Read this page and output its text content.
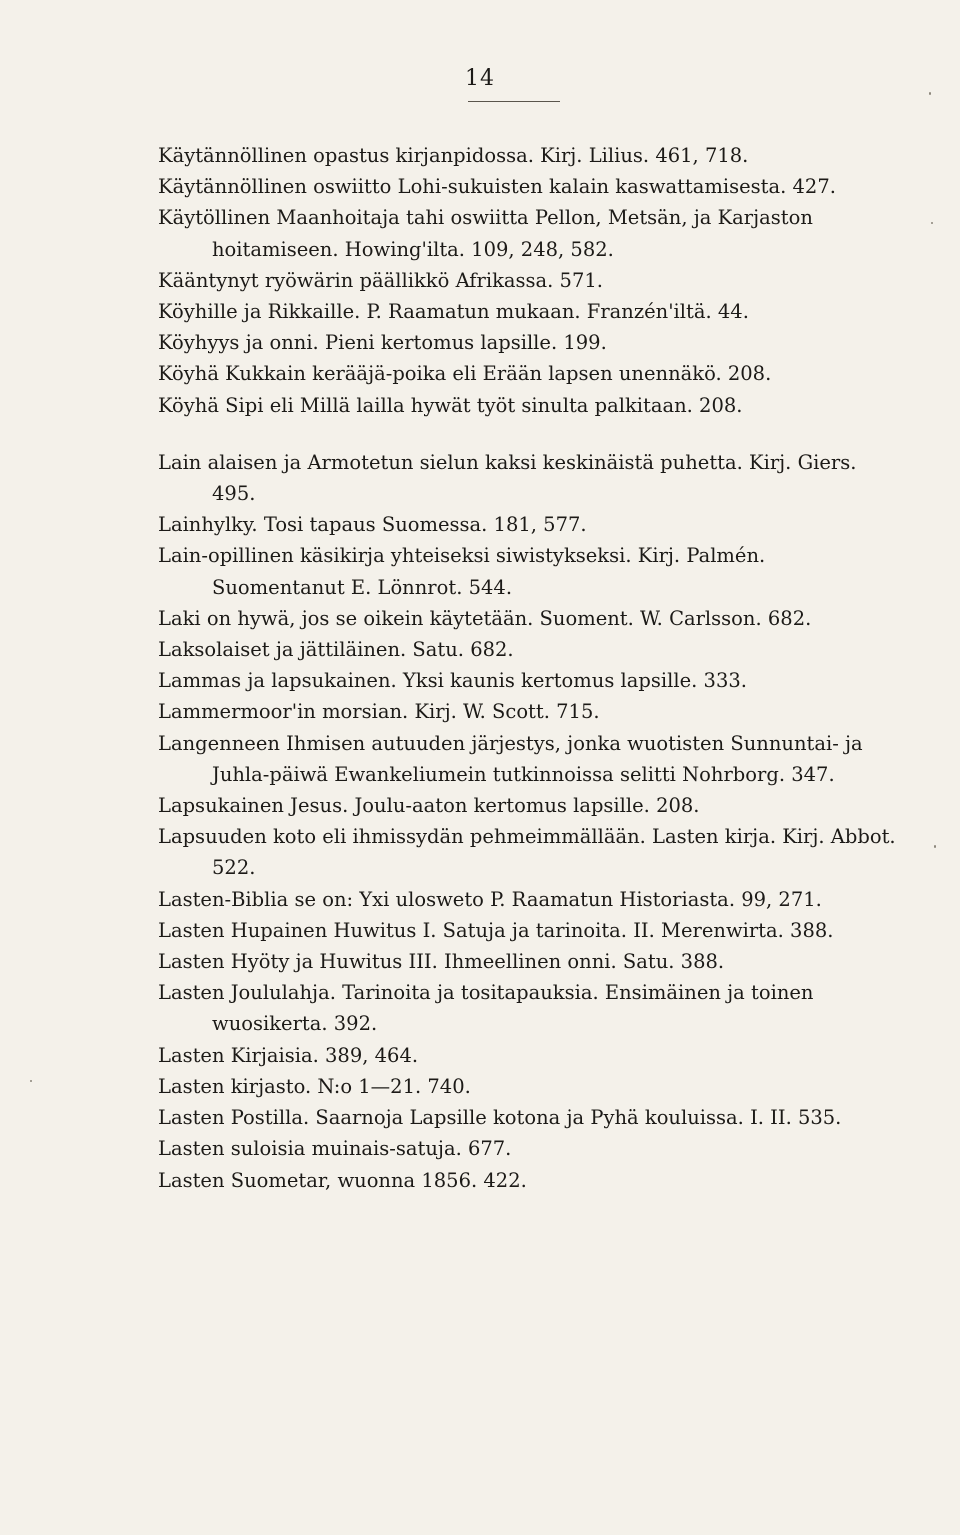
14
Käytännöllinen opastus kirjanpidossa. Kirj. Lilius. 461, 718.
Käytännöllinen oswiitto Lohi-sukuisten kalain kaswattamisesta. 427.
Käytöllinen Maanhoitaja tahi oswiitta Pellon, Metsän, ja Karjaston hoitamiseen. Howing'ilta. 109, 248, 582.
Kääntynyt ryöwärin päällikkö Afrikassa. 571.
Köyhille ja Rikkaille. P. Raamatun mukaan. Franzén'iltä. 44.
Köyhyys ja onni. Pieni kertomus lapsille. 199.
Köyhä Kukkain kerääjä-poika eli Erään lapsen unennäkö. 208.
Köyhä Sipi eli Millä lailla hywät työt sinulta palkitaan. 208.
Lain alaisen ja Armotetun sielun kaksi keskinäistä puhetta. Kirj. Giers. 495.
Lainhylky. Tosi tapaus Suomessa. 181, 577.
Lain-opillinen käsikirja yhteiseksi siwistykseksi. Kirj. Palmén. Suomentanut E. Lönnrot. 544.
Laki on hywä, jos se oikein käytetään. Suoment. W. Carlsson. 682.
Laksolaiset ja jättiläinen. Satu. 682.
Lammas ja lapsukainen. Yksi kaunis kertomus lapsille. 333.
Lammermoor'in morsian. Kirj. W. Scott. 715.
Langenneen Ihmisen autuuden järjestys, jonka wuotisten Sunnuntai- ja Juhla-päiwä Ewankeliumein tutkinnoissa selitti Nohrborg. 347.
Lapsukainen Jesus. Joulu-aaton kertomus lapsille. 208.
Lapsuuden koto eli ihmissydän pehmeimmällään. Lasten kirja. Kirj. Abbot. 522.
Lasten-Biblia se on: Yxi ulosweto P. Raamatun Historiasta. 99, 271.
Lasten Hupainen Huwitus I. Satuja ja tarinoita. II. Merenwirta. 388.
Lasten Hyöty ja Huwitus III. Ihmeellinen onni. Satu. 388.
Lasten Joululahja. Tarinoita ja tositapauksia. Ensimäinen ja toinen wuosikerta. 392.
Lasten Kirjaisia. 389, 464.
Lasten kirjasto. N:o 1—21. 740.
Lasten Postilla. Saarnoja Lapsille kotona ja Pyhä kouluissa. I. II. 535.
Lasten suloisia muinais-satuja. 677.
Lasten Suometar, wuonna 1856. 422.
